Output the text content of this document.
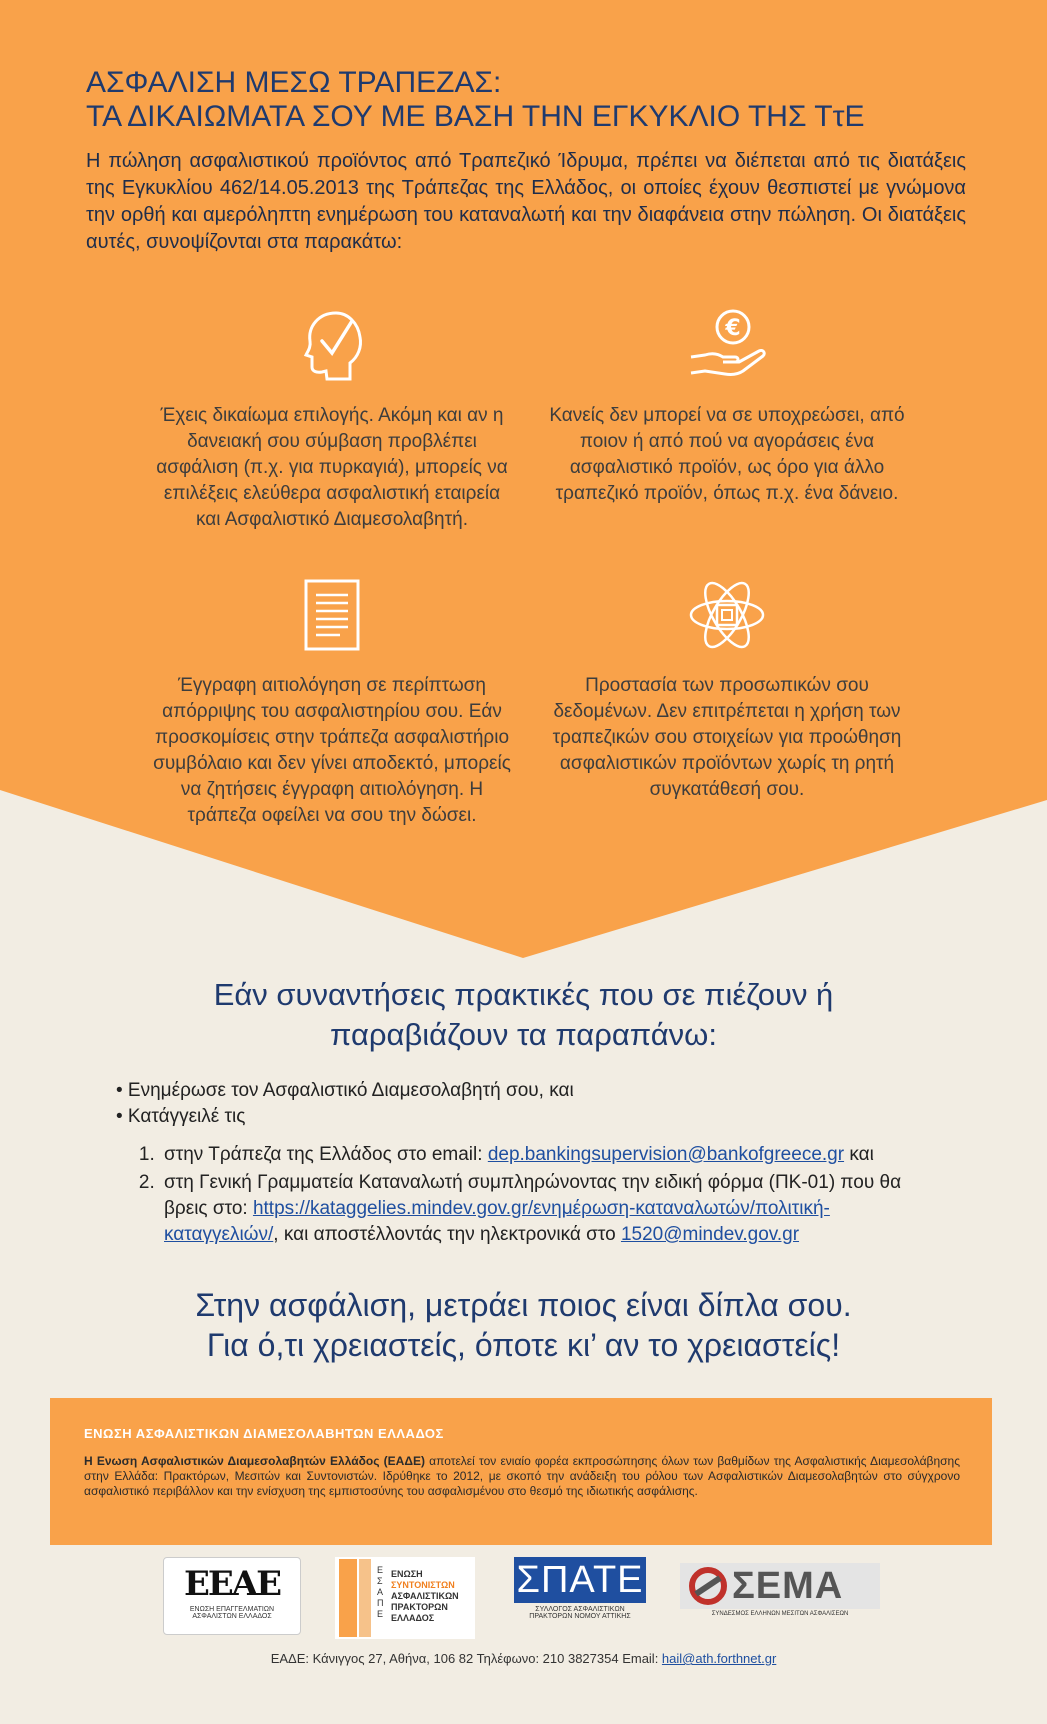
ΑΣΦΑΛΙΣΗ ΜΕΣΩ ΤΡΑΠΕΖΑΣ:
ΤΑ ΔΙΚΑΙΩΜΑΤΑ ΣΟΥ ΜΕ ΒΑΣΗ ΤΗΝ ΕΓΚΥΚΛΙΟ ΤΗΣ ΤτΕ
Η πώληση ασφαλιστικού προϊόντος από Τραπεζικό Ίδρυμα, πρέπει να διέπεται από τις διατάξεις της Εγκυκλίου 462/14.05.2013 της Τράπεζας της Ελλάδος, οι οποίες έχουν θεσπιστεί με γνώμονα την ορθή και αμερόληπτη ενημέρωση του καταναλωτή και την διαφάνεια στην πώληση. Οι διατάξεις αυτές, συνοψίζονται στα παρακάτω:
Έχεις δικαίωμα επιλογής. Ακόμη και αν η δανειακή σου σύμβαση προβλέπει ασφάλιση (π.χ. για πυρκαγιά), μπορείς να επιλέξεις ελεύθερα ασφαλιστική εταιρεία και Ασφαλιστικό Διαμεσολαβητή.
€
Κανείς δεν μπορεί να σε υποχρεώσει, από ποιον ή από πού να αγοράσεις ένα ασφαλιστικό προϊόν, ως όρο για άλλο τραπεζικό προϊόν, όπως π.χ. ένα δάνειο.
Έγγραφη αιτιολόγηση σε περίπτωση απόρριψης του ασφαλιστηρίου σου. Εάν προσκομίσεις στην τράπεζα ασφαλιστήριο συμβόλαιο και δεν γίνει αποδεκτό, μπορείς να ζητήσεις έγγραφη αιτιολόγηση. Η τράπεζα οφείλει να σου την δώσει.
Προστασία των προσωπικών σου δεδομένων. Δεν επιτρέπεται η χρήση των τραπεζικών σου στοιχείων για προώθηση ασφαλιστικών προϊόντων χωρίς τη ρητή συγκατάθεσή σου.
Εάν συναντήσεις πρακτικές που σε πιέζουν ή
παραβιάζουν τα παραπάνω:
• Ενημέρωσε τον Ασφαλιστικό Διαμεσολαβητή σου, και
• Κατάγγειλέ τις
1. στην Τράπεζα της Ελλάδος στο email: dep.bankingsupervision@bankofgreece.gr και
2. στη Γενική Γραμματεία Καταναλωτή συμπληρώνοντας την ειδική φόρμα (ΠΚ-01) που θα βρεις στο: https://kataggelies.mindev.gov.gr/ενημέρωση-καταναλωτών/πολιτική-καταγγελιών/, και αποστέλλοντάς την ηλεκτρονικά στο 1520@mindev.gov.gr
Στην ασφάλιση, μετράει ποιος είναι δίπλα σου.
Για ό,τι χρειαστείς, όποτε κι’ αν το χρειαστείς!
ΕΝΩΣΗ ΑΣΦΑΛΙΣΤΙΚΩΝ ΔΙΑΜΕΣΟΛΑΒΗΤΩΝ ΕΛΛΑΔΟΣ
Η Ενωση Ασφαλιστικών Διαμεσολαβητών Ελλάδος (ΕΑΔΕ) αποτελεί τον ενιαίο φορέα εκπροσώπησης όλων των βαθμίδων της Ασφαλιστικής Διαμεσολάβησης στην Ελλάδα: Πρακτόρων, Μεσιτών και Συντονιστών. Ιδρύθηκε το 2012, με σκοπό την ανάδειξη του ρόλου των Ασφαλιστικών Διαμεσολαβητών στο σύγχρονο ασφαλιστικό περιβάλλον και την ενίσχυση της εμπιστοσύνης του ασφαλισμένου στο θεσμό της ιδιωτικής ασφάλισης.
ΕΕΑΕ
ΕΝΩΣΗ ΕΠΑΓΓΕΛΜΑΤΙΩΝ
ΑΣΦΑΛΙΣΤΩΝ ΕΛΛΑΔΟΣ
ΕΣΑΠΕ
ΕΝΩΣΗ
ΣΥΝΤΟΝΙΣΤΩΝ
ΑΣΦΑΛΙΣΤΙΚΩΝ
ΠΡΑΚΤΟΡΩΝ
ΕΛΛΑΔΟΣ
ΣΠΑΤΕ
ΣΥΛΛΟΓΟΣ ΑΣΦΑΛΙΣΤΙΚΩΝ
ΠΡΑΚΤΟΡΩΝ ΝΟΜΟΥ ΑΤΤΙΚΗΣ
ΣΕΜΑ
ΣΥΝΔΕΣΜΟΣ ΕΛΛΗΝΩΝ ΜΕΣΙΤΩΝ ΑΣΦΑΛΙΣΕΩΝ
ΕΑΔΕ: Κάνιγγος 27, Αθήνα, 106 82 Τηλέφωνο: 210 3827354 Email: hail@ath.forthnet.gr
